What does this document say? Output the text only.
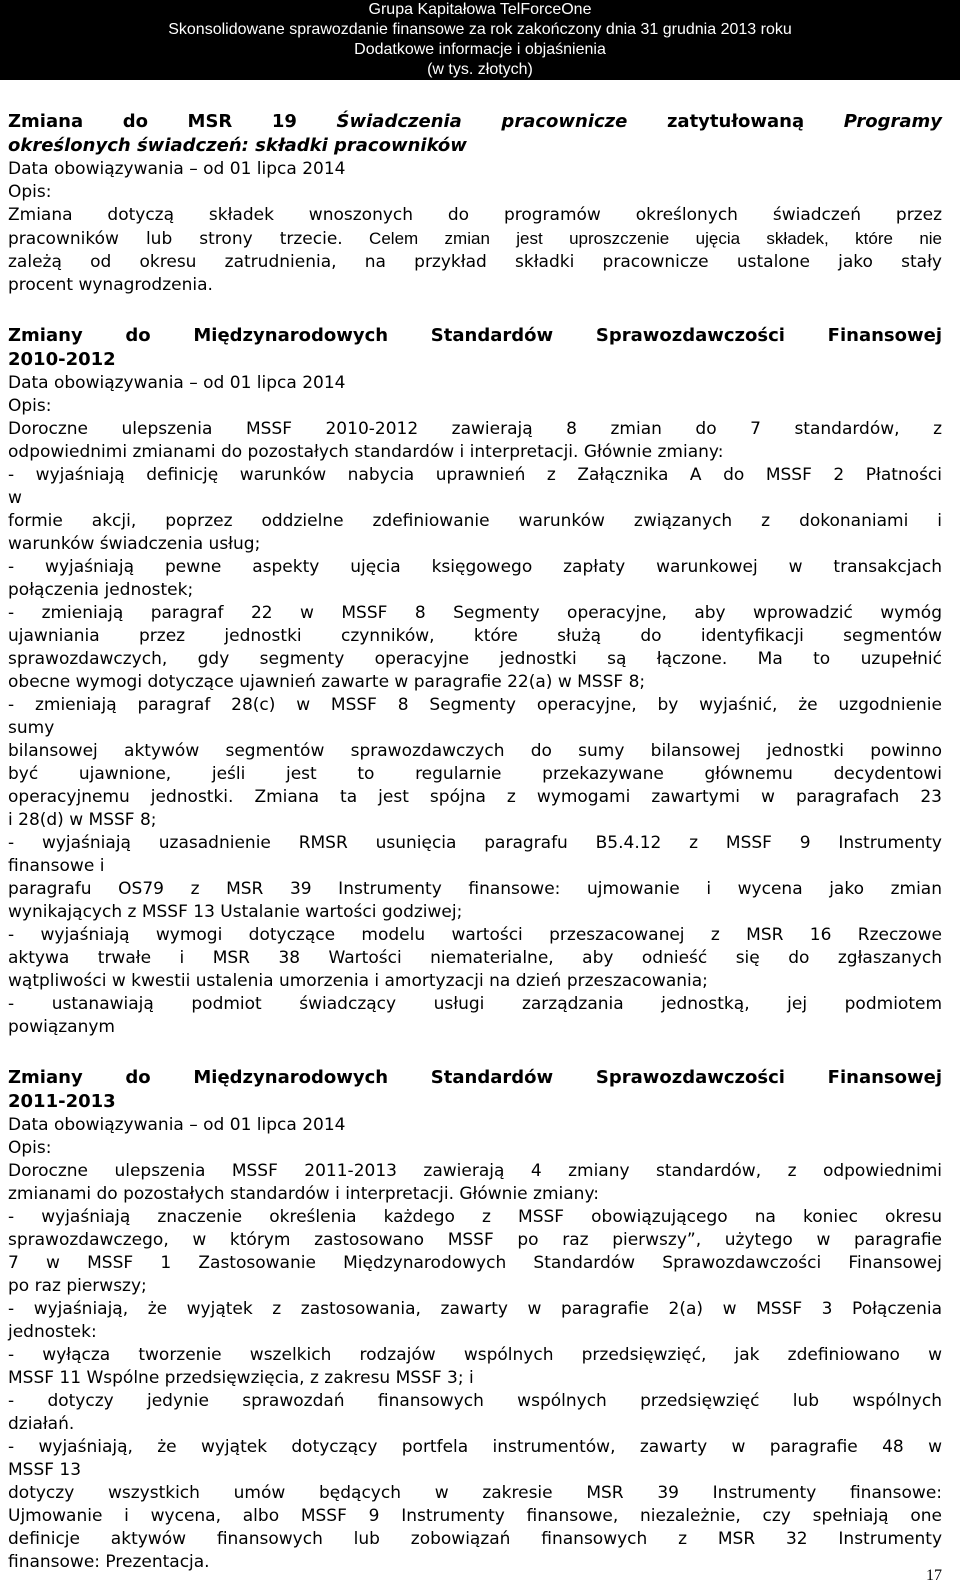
Grupa Kapitałowa TelForceOne
Skonsolidowane sprawozdanie finansowe za rok zakończony dnia 31 grudnia 2013 roku
Dodatkowe informacje i objaśnienia
(w tys. złotych)
Zmiana do MSR 19 Świadczenia pracownicze zatytułowaną Programy
określonych świadczeń: składki pracowników
Data obowiązywania – od 01 lipca 2014
Opis:
Zmiana dotyczą składek wnoszonych do programów określonych świadczeń przez
pracowników lub strony trzecie. Celem zmian jest uproszczenie ujęcia składek, które nie
zależą od okresu zatrudnienia, na przykład składki pracownicze ustalone jako stały
procent wynagrodzenia.
Zmiany do Międzynarodowych Standardów Sprawozdawczości Finansowej
2010-2012
Data obowiązywania – od 01 lipca 2014
Opis:
Doroczne ulepszenia MSSF 2010-2012 zawierają 8 zmian do 7 standardów, z
odpowiednimi zmianami do pozostałych standardów i interpretacji. Głównie zmiany:
- wyjaśniają definicję warunków nabycia uprawnień z Załącznika A do MSSF 2 Płatności
w
formie akcji, poprzez oddzielne zdefiniowanie warunków związanych z dokonaniami i
warunków świadczenia usług;
- wyjaśniają pewne aspekty ujęcia księgowego zapłaty warunkowej w transakcjach
połączenia jednostek;
- zmieniają paragraf 22 w MSSF 8 Segmenty operacyjne, aby wprowadzić wymóg
ujawniania przez jednostki czynników, które służą do identyfikacji segmentów
sprawozdawczych, gdy segmenty operacyjne jednostki są łączone. Ma to uzupełnić
obecne wymogi dotyczące ujawnień zawarte w paragrafie 22(a) w MSSF 8;
- zmieniają paragraf 28(c) w MSSF 8 Segmenty operacyjne, by wyjaśnić, że uzgodnienie
sumy
bilansowej aktywów segmentów sprawozdawczych do sumy bilansowej jednostki powinno
być ujawnione, jeśli jest to regularnie przekazywane głównemu decydentowi
operacyjnemu jednostki. Zmiana ta jest spójna z wymogami zawartymi w paragrafach 23
i 28(d) w MSSF 8;
- wyjaśniają uzasadnienie RMSR usunięcia paragrafu B5.4.12 z MSSF 9 Instrumenty
finansowe i
paragrafu OS79 z MSR 39 Instrumenty finansowe: ujmowanie i wycena jako zmian
wynikających z MSSF 13 Ustalanie wartości godziwej;
- wyjaśniają wymogi dotyczące modelu wartości przeszacowanej z MSR 16 Rzeczowe
aktywa trwałe i MSR 38 Wartości niematerialne, aby odnieść się do zgłaszanych
wątpliwości w kwestii ustalenia umorzenia i amortyzacji na dzień przeszacowania;
- ustanawiają podmiot świadczący usługi zarządzania jednostką, jej podmiotem
powiązanym
Zmiany do Międzynarodowych Standardów Sprawozdawczości Finansowej
2011-2013
Data obowiązywania – od 01 lipca 2014
Opis:
Doroczne ulepszenia MSSF 2011-2013 zawierają 4 zmiany standardów, z odpowiednimi
zmianami do pozostałych standardów i interpretacji. Głównie zmiany:
- wyjaśniają znaczenie określenia każdego z MSSF obowiązującego na koniec okresu
sprawozdawczego, w którym zastosowano MSSF po raz pierwszy”, użytego w paragrafie
7 w MSSF 1 Zastosowanie Międzynarodowych Standardów Sprawozdawczości Finansowej
po raz pierwszy;
- wyjaśniają, że wyjątek z zastosowania, zawarty w paragrafie 2(a) w MSSF 3 Połączenia
jednostek:
- wyłącza tworzenie wszelkich rodzajów wspólnych przedsięwzięć, jak zdefiniowano w
MSSF 11 Wspólne przedsięwzięcia, z zakresu MSSF 3; i
- dotyczy jedynie sprawozdań finansowych wspólnych przedsięwzięć lub wspólnych
działań.
- wyjaśniają, że wyjątek dotyczący portfela instrumentów, zawarty w paragrafie 48 w
MSSF 13
dotyczy wszystkich umów będących w zakresie MSR 39 Instrumenty finansowe:
Ujmowanie i wycena, albo MSSF 9 Instrumenty finansowe, niezależnie, czy spełniają one
definicje aktywów finansowych lub zobowiązań finansowych z MSR 32 Instrumenty
finansowe: Prezentacja.
17
